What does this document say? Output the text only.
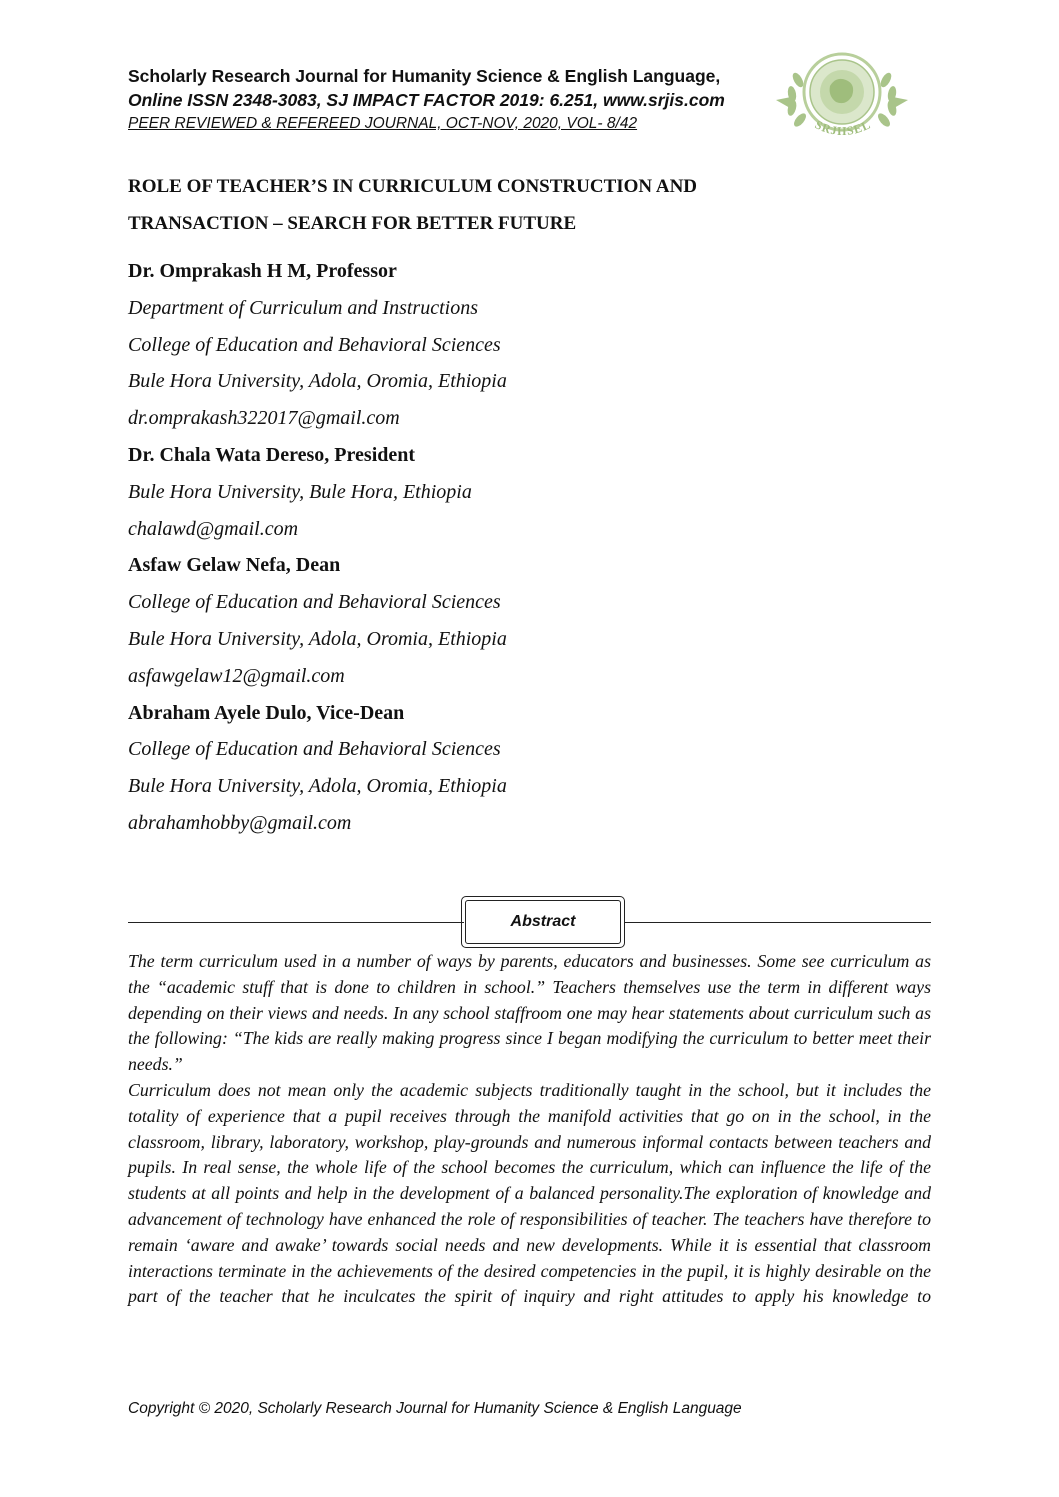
Scholarly Research Journal for Humanity Science & English Language,
Online ISSN 2348-3083, SJ IMPACT FACTOR 2019: 6.251, www.srjis.com
PEER REVIEWED & REFEREED JOURNAL, OCT-NOV, 2020, VOL- 8/42	SRJHSEL
ROLE OF TEACHER’S IN CURRICULUM CONSTRUCTION AND
TRANSACTION – SEARCH FOR BETTER FUTURE
Dr. Omprakash H M, Professor
Department of Curriculum and Instructions
College of Education and Behavioral Sciences
Bule Hora University, Adola, Oromia, Ethiopia
dr.omprakash322017@gmail.com
Dr. Chala Wata Dereso, President
Bule Hora University, Bule Hora, Ethiopia
chalawd@gmail.com
Asfaw Gelaw Nefa, Dean
College of Education and Behavioral Sciences
Bule Hora University, Adola, Oromia, Ethiopia
asfawgelaw12@gmail.com
Abraham Ayele Dulo, Vice-Dean
College of Education and Behavioral Sciences
Bule Hora University, Adola, Oromia, Ethiopia
abrahamhobby@gmail.com
Abstract

The term curriculum used in a number of ways by parents, educators and businesses. Some see curriculum as the “academic stuff that is done to children in school.” Teachers themselves use the term in different ways depending on their views and needs. In any school staffroom one may hear statements about curriculum such as the following: “The kids are really making progress since I began modifying the curriculum to better meet their needs.”

Curriculum does not mean only the academic subjects traditionally taught in the school, but it includes the totality of experience that a pupil receives through the manifold activities that go on in the school, in the classroom, library, laboratory, workshop, play-grounds and numerous informal contacts between teachers and pupils. In real sense, the whole life of the school becomes the curriculum, which can influence the life of the students at all points and help in the development of a balanced personality.The exploration of knowledge and advancement of technology have enhanced the role of responsibilities of teacher. The teachers have therefore to remain ‘aware and awake’ towards social needs and new developments. While it is essential that classroom interactions terminate in the achievements of the desired competencies in the pupil, it is highly desirable on the part of the teacher that he inculcates the spirit of inquiry and right attitudes to apply his knowledge to

Copyright © 2020, Scholarly Research Journal for Humanity Science & English Language
